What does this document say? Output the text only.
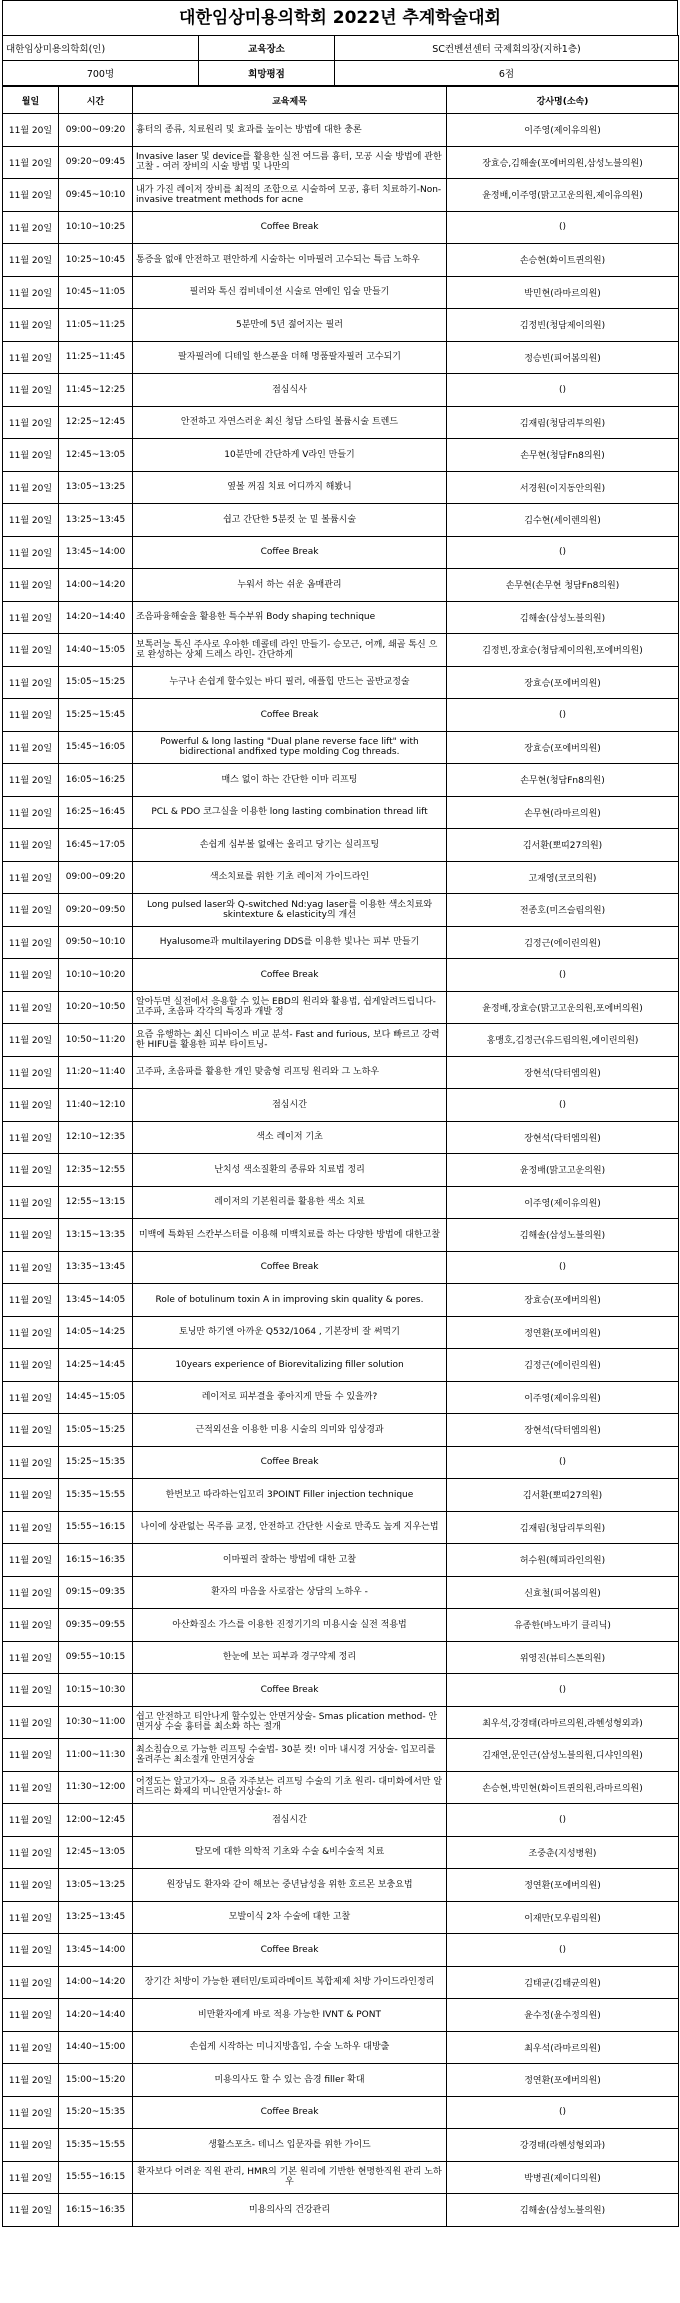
대한임상미용의학회 2022년 추계학술대회
대한임상미용의학회(인)	교육장소	SC컨벤션센터 국제회의장(지하1층)
700명	희망평점	6점
월일	시간	교육제목	강사명(소속)
11월 20일	09:00~09:20	흉터의 종류, 치료원리 및 효과를 높이는 방법에 대한 충론	이주영(제이유의원)
11월 20일	09:20~09:45	Invasive laser 및 device를 활용한 실전 여드름 흉터, 모공 시술 방법에 관한 고찰 - 여러 장비의 시술 방법 및 나만의	장효승,김해솔(포에버의원,삼성노블의원)
11월 20일	09:45~10:10	내가 가진 레이저 장비를 최적의 조합으로 시술하여 모공, 흉터 치료하기-Non-invasive treatment methods for acne	윤정배,이주영(맑고고운의원,제이유의원)
11월 20일	10:10~10:25	Coffee Break	()
11월 20일	10:25~10:45	통증을 없애 안전하고 편안하게 시술하는 이마필러 고수되는 특급 노하우	손승현(화이트퀸의원)
11월 20일	10:45~11:05	필러와 톡신 컴비네이션 시술로 연예인 입술 만들기	박민현(라마르의원)
11월 20일	11:05~11:25	5분만에 5년 젊어지는 필러	김정빈(청담제이의원)
11월 20일	11:25~11:45	팔자필러에 디테일 한스푼을 더해 명품팔자필러 고수되기	정승빈(피어봄의원)
11월 20일	11:45~12:25	점심식사	()
11월 20일	12:25~12:45	안전하고 자연스러운 최신 청담 스타일 볼륨시술 트렌드	김재림(청담리투의원)
11월 20일	12:45~13:05	10분만에 간단하게 V라인 만들기	손무현(청담Fn8의원)
11월 20일	13:05~13:25	옆볼 꺼짐 치료 어디까지 해봤니	서경원(이지동안의원)
11월 20일	13:25~13:45	쉽고 간단한 5분컷 눈 밑 볼륨시술	김수현(세이렌의원)
11월 20일	13:45~14:00	Coffee Break	()
11월 20일	14:00~14:20	누워서 하는 쉬운 옴매관리	손무현(손무현 청담Fn8의원)
11월 20일	14:20~14:40	조음파융해술을 활용한 특수부위 Body shaping technique	김해솔(삼성노블의원)
11월 20일	14:40~15:05	보톡러능 톡신 주사로 우아한 데콜테 라인 만들기- 승모근, 어깨, 쇄골 톡신 으로 완성하는 상체 드레스 라인- 간단하게	김정빈,장효승(청담제이의원,포에버의원)
11월 20일	15:05~15:25	누구나 손쉽게 할수있는 바디 필러, 애플힙 만드는 골반교정술	장효승(포에버의원)
11월 20일	15:25~15:45	Coffee Break	()
11월 20일	15:45~16:05	Powerful & long lasting "Dual plane reverse face lift" with bidirectional andfixed type molding Cog threads.	장효승(포에버의원)
11월 20일	16:05~16:25	매스 없이 하는 간단한 이마 리프팅	손무현(청담Fn8의원)
11월 20일	16:25~16:45	PCL & PDO 코그실을 이용한 long lasting combination thread lift	손무현(라마르의원)
11월 20일	16:45~17:05	손쉽게 심부볼 없애는 올리고 당기는 실리프팅	김서환(뽀띠27의원)
11월 20일	09:00~09:20	색소치료를 위한 기초 레이저 가이드라인	고재영(코코의원)
11월 20일	09:20~09:50	Long pulsed laser와 Q-switched Nd:yag laser를 이용한 색소치료와 skintexture & elasticity의 개선	전종호(미즈슬림의원)
11월 20일	09:50~10:10	Hyalusome과 multilayering DDS를 이용한 빛나는 피부 만들기	김정근(에이린의원)
11월 20일	10:10~10:20	Coffee Break	()
11월 20일	10:20~10:50	알아두면 실전에서 응용할 수 있는 EBD의 원리와 활용법, 쉽게알려드립니다- 고주파, 초음파 각각의 특징과 개발 정	윤정배,장효승(맑고고운의원,포에버의원)
11월 20일	10:50~11:20	요즘 유행하는 최신 디바이스 비교 분석- Fast and furious, 보다 빠르고 강력한 HIFU를 활용한 피부 타이트닝-	홍맹호,김정근(유드림의원,에이린의원)
11월 20일	11:20~11:40	고주파, 초음파를 활용한 개인 맞춤형 리프팅 원리와 그 노하우	장현석(닥터엠의원)
11월 20일	11:40~12:10	점심시간	()
11월 20일	12:10~12:35	색소 레이저 기초	장현석(닥터엠의원)
11월 20일	12:35~12:55	난치성 색소질환의 종류와 치료법 정리	윤정배(맑고고운의원)
11월 20일	12:55~13:15	레이저의 기본원리를 활용한 색소 치료	이주영(제이유의원)
11월 20일	13:15~13:35	미백에 특화된 스칸부스터를 이용해 미백치료를 하는 다양한 방법에 대한고찰	김해솔(삼성노블의원)
11월 20일	13:35~13:45	Coffee Break	()
11월 20일	13:45~14:05	Role of botulinum toxin A in improving skin quality & pores.	장효승(포에버의원)
11월 20일	14:05~14:25	토닝만 하기엔 아까운 Q532/1064 , 기본장비 잘 써먹기	정연환(포에버의원)
11월 20일	14:25~14:45	10years experience of Biorevitalizing filler solution	김정근(에이린의원)
11월 20일	14:45~15:05	레이저로 피부결을 좋아지게 만들 수 있을까?	이주영(제이유의원)
11월 20일	15:05~15:25	근적외선을 이용한 미용 시술의 의미와 임상경과	장현석(닥터엠의원)
11월 20일	15:25~15:35	Coffee Break	()
11월 20일	15:35~15:55	한번보고 따라하는입꼬리 3POINT Filler injection technique	김서환(뽀띠27의원)
11월 20일	15:55~16:15	나이에 상관없는 목주름 교정, 안전하고 간단한 시술로 만족도 높게 지우는법	김재림(청담리투의원)
11월 20일	16:15~16:35	이마필러 잘하는 방법에 대한 고찰	허수원(해피라인의원)
11월 20일	09:15~09:35	환자의 마음을 사로잡는 상담의 노하우 -	신효철(피어봄의원)
11월 20일	09:35~09:55	아산화질소 가스를 이용한 진정기기의 미용시술 실전 적용법	유종한(바노바기 클리닉)
11월 20일	09:55~10:15	한눈에 보는 피부과 경구약제 정리	위영진(뷰티스톤의원)
11월 20일	10:15~10:30	Coffee Break	()
11월 20일	10:30~11:00	쉽고 안전하고 티안나게 할수있는 안면거상술- Smas plication method- 안면거상 수술 흉터를 최소화 하는 절개	최우석,강경태(라마르의원,라헨성형외과)
11월 20일	11:00~11:30	최소침습으로 가능한 리프팅 수술법- 30분 컷! 이마 내시경 거상술- 입꼬리를 올려주는 최소절개 안면거상술	김재연,문인근(삼성노블의원,디샤인의원)
11월 20일	11:30~12:00	어정도는 알고가자~ 요즘 자주보는 리프팅 수술의 기초 원리- 대미화에서만 알려드리는 화제의 미니안면거상술!- 하	손승현,박민현(화이트퀸의원,라마르의원)
11월 20일	12:00~12:45	점심시간	()
11월 20일	12:45~13:05	탈모에 대한 의학적 기초와 수술 &비수술적 치료	조중춘(지성병원)
11월 20일	13:05~13:25	원장님도 환자와 같이 해보는 중년남성을 위한 호르몬 보충요법	정연환(포에버의원)
11월 20일	13:25~13:45	모발이식 2차 수술에 대한 고찰	이재만(모우림의원)
11월 20일	13:45~14:00	Coffee Break	()
11월 20일	14:00~14:20	장기간 처방이 가능한 펜터민/토피라메이트 복합제제 처방 가이드라인정리	김태균(김태균의원)
11월 20일	14:20~14:40	비만환자에게 바로 적용 가능한 IVNT & PONT	윤수정(윤수정의원)
11월 20일	14:40~15:00	손쉽게 시작하는 미니지방흡입, 수술 노하우 대방출	최우석(라마르의원)
11월 20일	15:00~15:20	미용의사도 할 수 있는 음경 filler 확대	정연환(포에버의원)
11월 20일	15:20~15:35	Coffee Break	()
11월 20일	15:35~15:55	생활스포츠- 테니스 입문자를 위한 가이드	강경태(라헨성형외과)
11월 20일	15:55~16:15	환자보다 어려운 직원 관리, HMR의 기본 원리에 기반한 현명한직원 관리 노하우	박병권(제이디의원)
11월 20일	16:15~16:35	미용의사의 건강관리	김해솔(삼성노블의원)
